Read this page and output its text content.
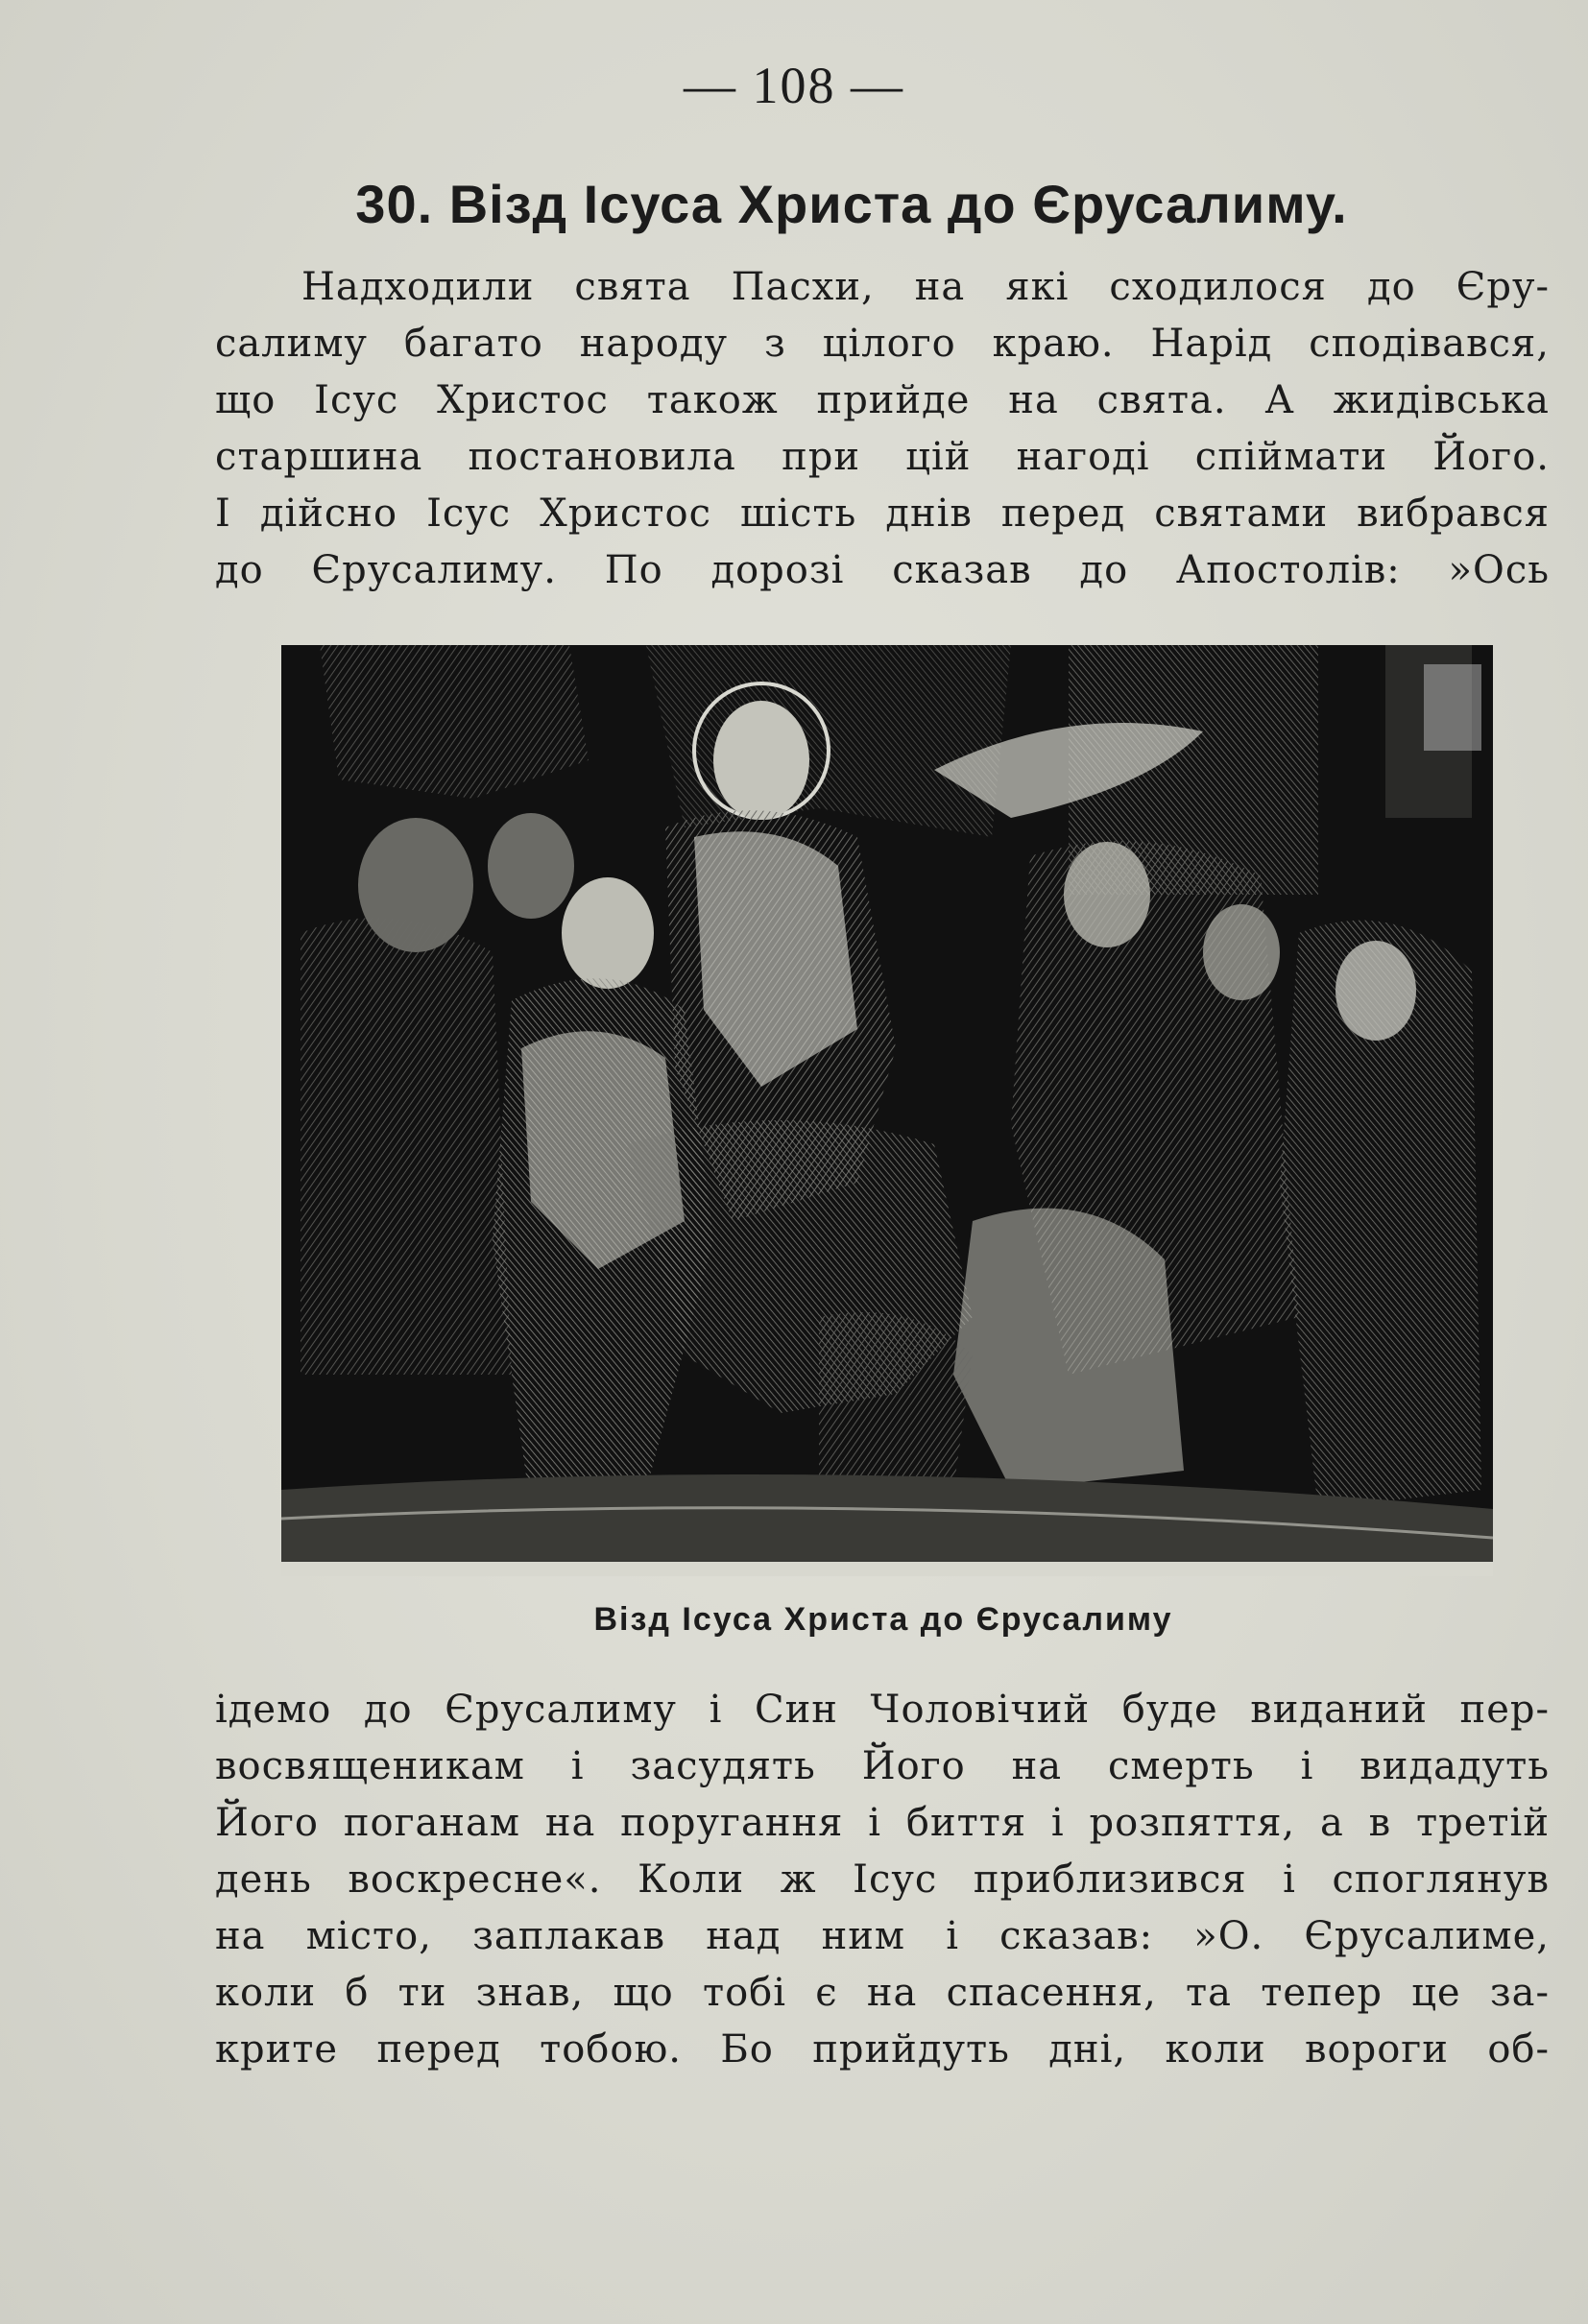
— 108 —
30. Візд Ісуса Христа до Єрусалиму.
Надходили свята Пасхи, на які сходилося до Єру-
салиму багато народу з цілого краю. Нарід сподівався,
що Ісус Христос також прийде на свята. А жидівська
старшина постановила при цій нагоді спіймати Його.
І дійсно Ісус Христос шість днів перед святами вибрався
до Єрусалиму. По дорозі сказав до Апостолів: »Ось
Візд Ісуса Христа до Єрусалиму
ідемо до Єрусалиму і Син Чоловічий буде виданий пер-
восвященикам і засудять Його на смерть і видадуть
Його поганам на поругання і биття і розпяття, а в третій
день воскресне«. Коли ж Ісус приблизився і споглянув
на місто, заплакав над ним і сказав: »О. Єрусалиме,
коли б ти знав, що тобі є на спасення, та тепер це за-
крите перед тобою. Бо прийдуть дні, коли вороги об-
